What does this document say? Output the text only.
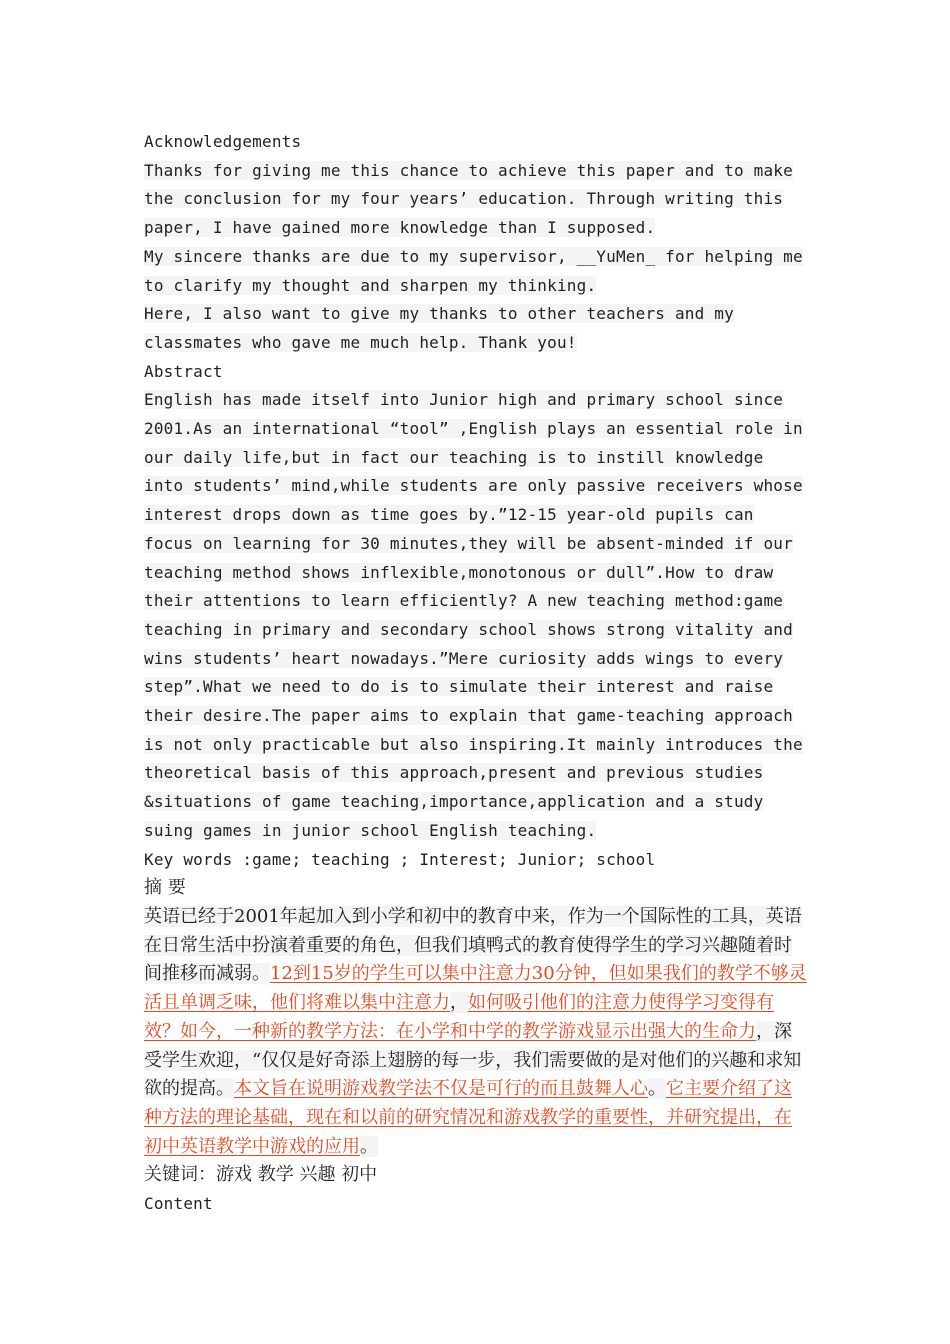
Acknowledgements

Thanks for giving me this chance to achieve this paper and to make the conclusion for my four years’ education. Through writing this paper, I have gained more knowledge than I supposed.

My sincere thanks are due to my supervisor, __YuMen_ for helping me to clarify my thought and sharpen my thinking.

Here, I also want to give my thanks to other teachers and my classmates who gave me much help. Thank you!

Abstract

English has made itself into Junior high and primary school since 2001.As an international “tool” ,English plays an essential role in our daily life,but in fact our teaching is to instill knowledge into students’ mind,while students are only passive receivers whose interest drops down as time goes by.”12-15 year-old pupils can focus on learning for 30 minutes,they will be absent-minded if our teaching method shows inflexible,monotonous or dull”.How to draw their attentions to learn efficiently? A new teaching method:game teaching in primary and secondary school shows strong vitality and wins students’ heart nowadays.”Mere curiosity adds wings to every step”.What we need to do is to simulate their interest and raise their desire.The paper aims to explain that game-teaching approach is not only practicable but also inspiring.It mainly introduces the theoretical basis of this approach,present and previous studies &situations of game teaching,importance,application and a study suing games in junior school English teaching.

Key words :game; teaching ; Interest; Junior; school

摘 要

英语已经于2001年起加入到小学和初中的教育中来，作为一个国际性的工具，英语在日常生活中扮演着重要的角色，但我们填鸭式的教育使得学生的学习兴趣随着时间推移而减弱。12到15岁的学生可以集中注意力30分钟，但如果我们的教学不够灵活且单调乏味，他们将难以集中注意力，如何吸引他们的注意力使得学习变得有效？如今，一种新的教学方法：在小学和中学的教学游戏显示出强大的生命力，深受学生欢迎，“仅仅是好奇添上翅膀的每一步，我们需要做的是对他们的兴趣和求知欲的提高。本文旨在说明游戏教学法不仅是可行的而且鼓舞人心。它主要介绍了这种方法的理论基础，现在和以前的研究情况和游戏教学的重要性，并研究提出，在初中英语教学中游戏的应用。

关键词：游戏 教学 兴趣 初中

Content
